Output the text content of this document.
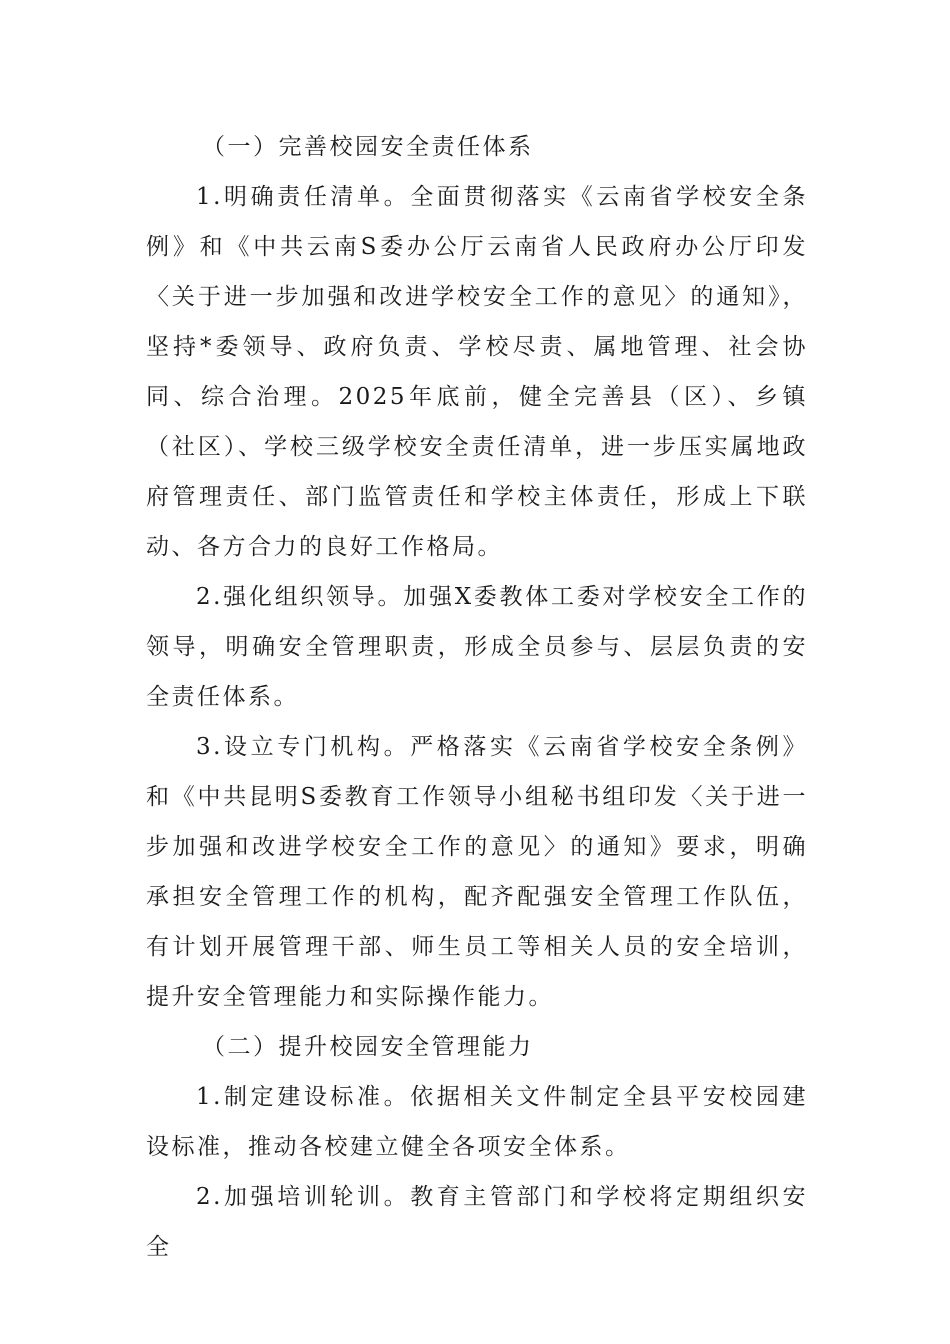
（一）完善校园安全责任体系

1.明确责任清单。全面贯彻落实《云南省学校安全条例》和《中共云南S委办公厅云南省人民政府办公厅印发〈关于进一步加强和改进学校安全工作的意见〉的通知》，坚持*委领导、政府负责、学校尽责、属地管理、社会协同、综合治理。2025年底前，健全完善县（区）、乡镇（社区）、学校三级学校安全责任清单，进一步压实属地政府管理责任、部门监管责任和学校主体责任，形成上下联动、各方合力的良好工作格局。

2.强化组织领导。加强X委教体工委对学校安全工作的领导，明确安全管理职责，形成全员参与、层层负责的安全责任体系。

3.设立专门机构。严格落实《云南省学校安全条例》和《中共昆明S委教育工作领导小组秘书组印发〈关于进一步加强和改进学校安全工作的意见〉的通知》要求，明确承担安全管理工作的机构，配齐配强安全管理工作队伍，有计划开展管理干部、师生员工等相关人员的安全培训，提升安全管理能力和实际操作能力。

（二）提升校园安全管理能力

1.制定建设标准。依据相关文件制定全县平安校园建设标准，推动各校建立健全各项安全体系。

2.加强培训轮训。教育主管部门和学校将定期组织安全
